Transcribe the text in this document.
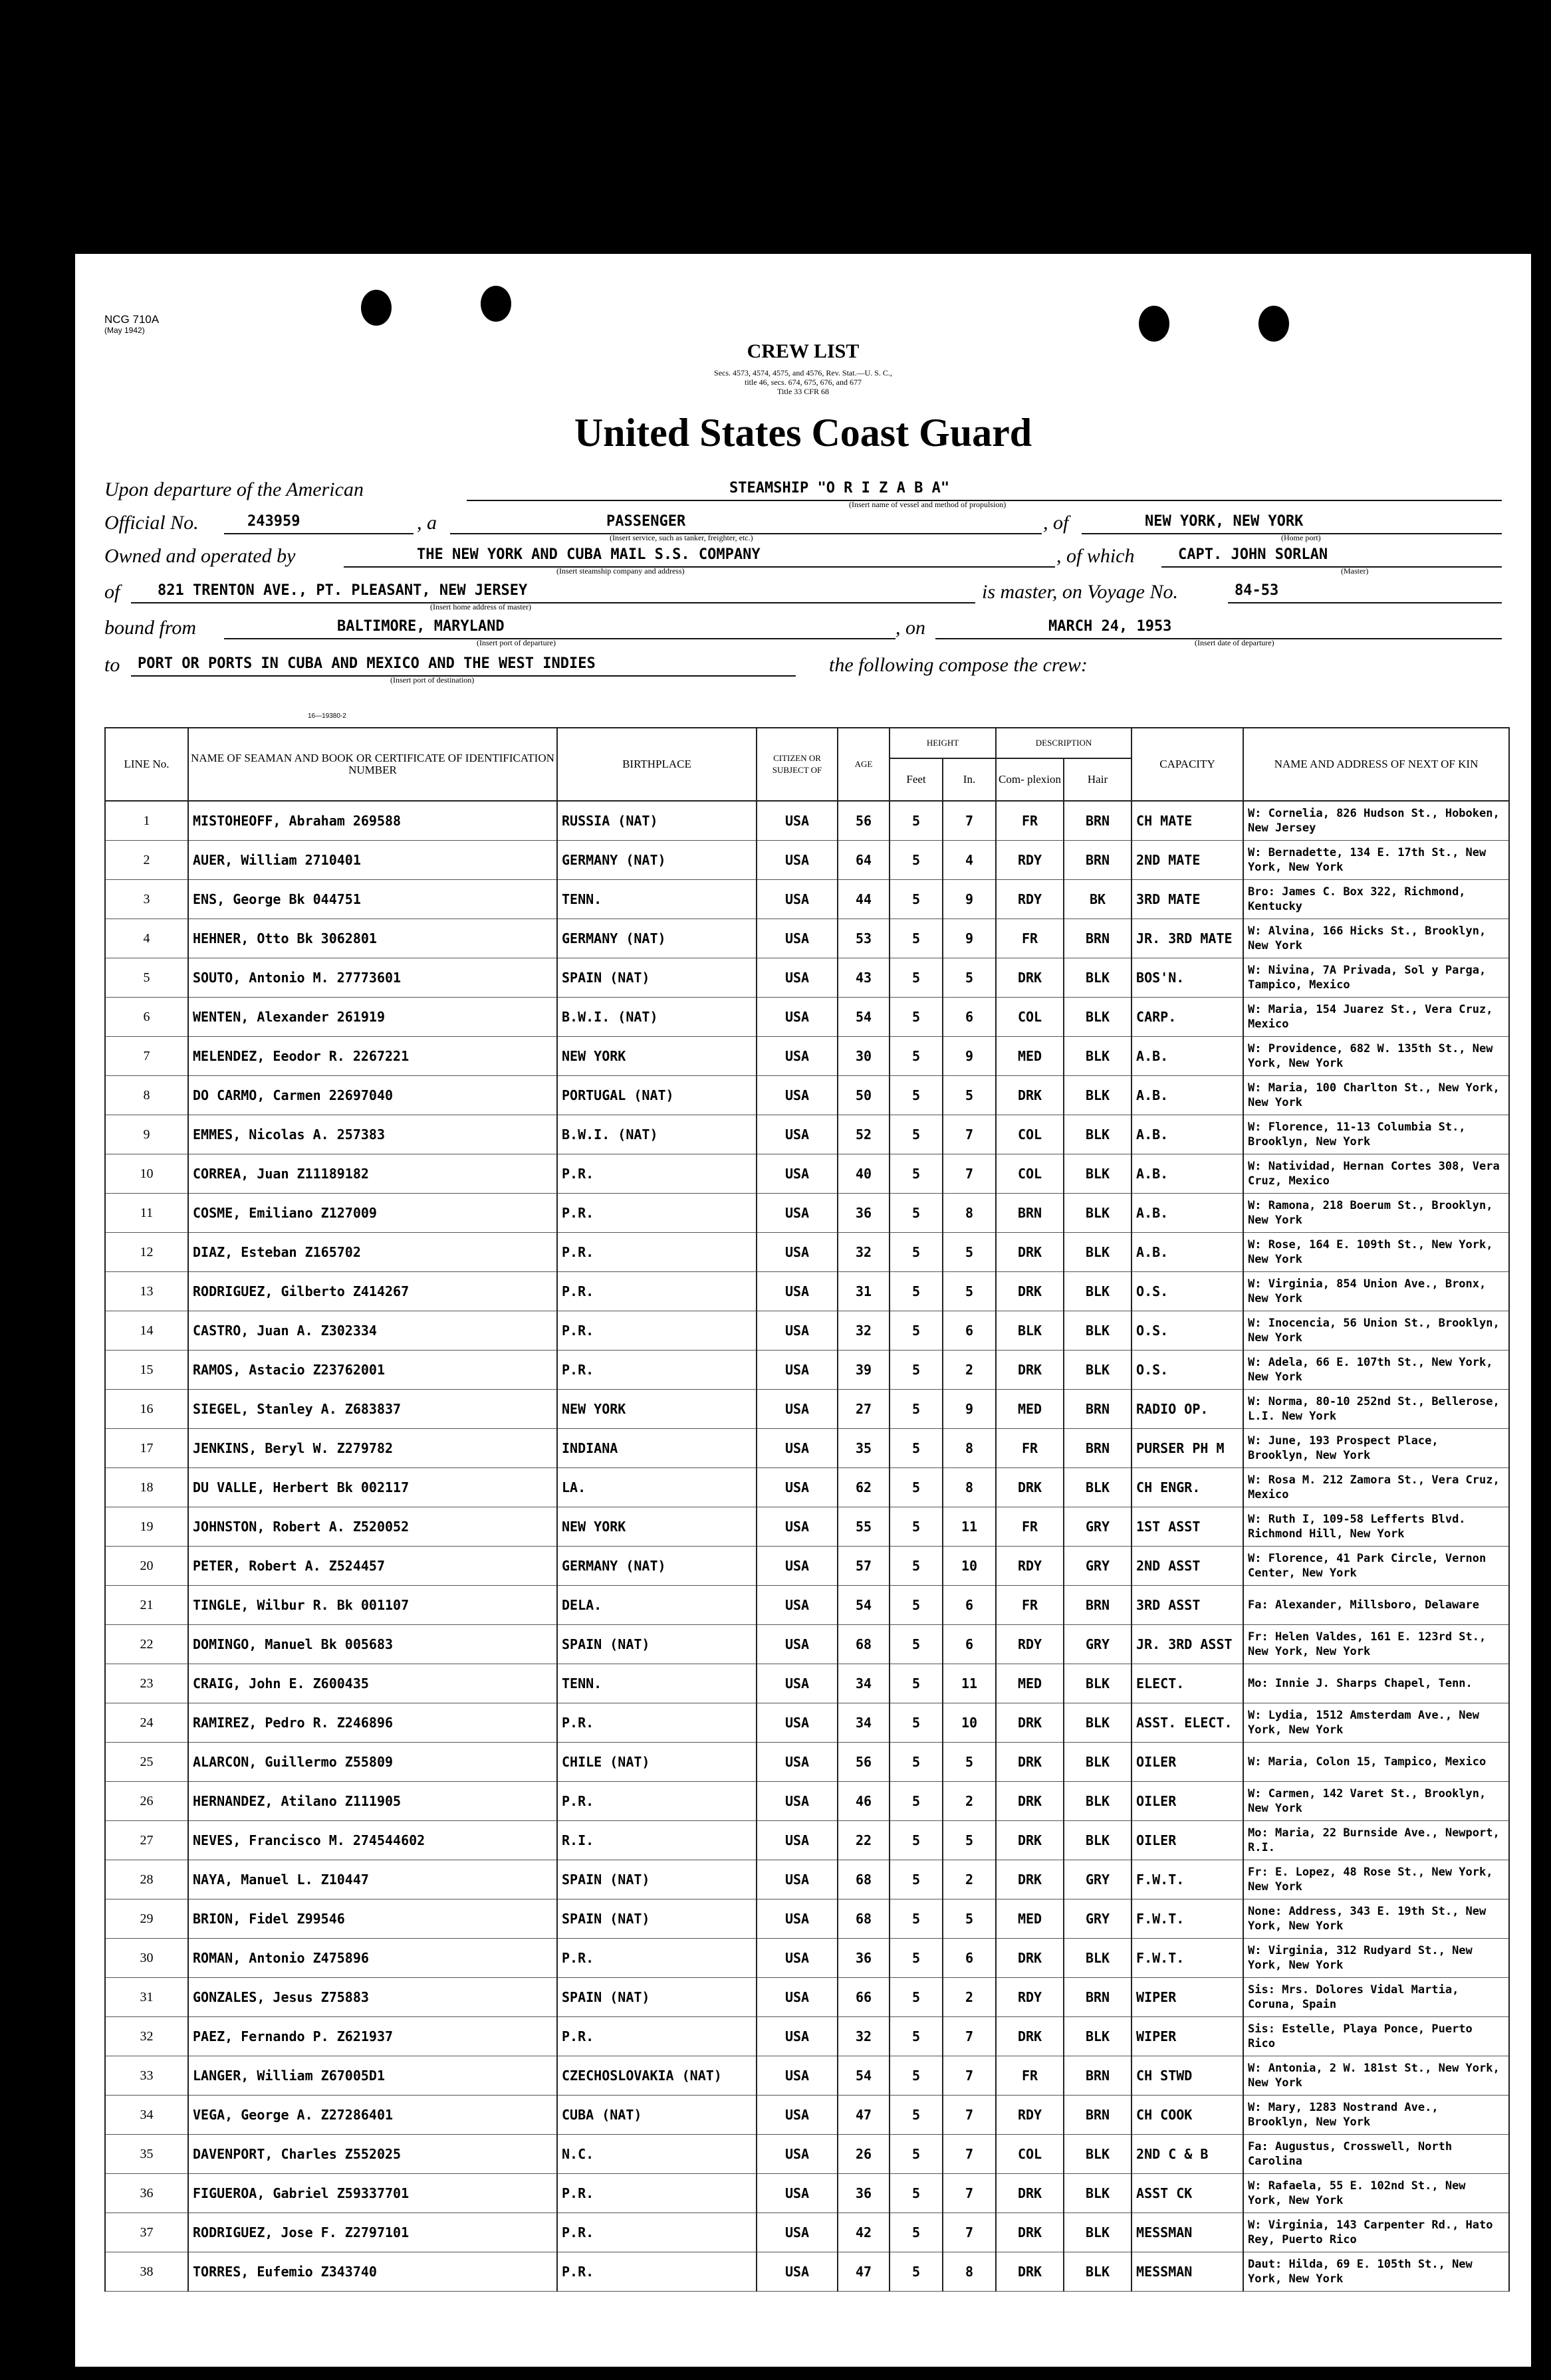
NCG 710A
(May 1942)
CREW LIST
Secs. 4573, 4574, 4575, and 4576, Rev. Stat.—U. S. C.,
title 46, secs. 674, 675, 676, and 677
Title 33 CFR 68
United States Coast Guard
Upon departure of the American	STEAMSHIP "O R I Z A B A"
(Insert name of vessel and method of propulsion)
Official No.	243959	, a	PASSENGER
(Insert service, such as tanker, freighter, etc.)
, of	NEW YORK, NEW YORK
(Home port)
Owned and operated by	THE NEW YORK AND CUBA MAIL S.S. COMPANY
(Insert steamship company and address)
, of which	CAPT. JOHN SORLAN
(Master)
of	821 TRENTON AVE., PT. PLEASANT, NEW JERSEY
(Insert home address of master)
is master, on Voyage No.	84-53
bound from	BALTIMORE, MARYLAND
(Insert port of departure)
, on	MARCH 24, 1953
(Insert date of departure)
to PORT OR PORTS IN CUBA AND MEXICO AND THE WEST INDIES
(Insert port of destination)
the following compose the crew:
16—19380-2
LINE No.	NAME OF SEAMAN AND BOOK OR CERTIFICATE OF IDENTIFICATION NUMBER	BIRTHPLACE	CITIZEN OR SUBJECT OF	AGE	HEIGHT		DESCRIPTION		CAPACITY	NAME AND ADDRESS OF NEXT OF KIN
					Feet	In.	Com- plexion	Hair		
1	MISTOHEOFF, Abraham 269588	RUSSIA (NAT)	USA	56	5	7	FR	BRN	CH MATE	W: Cornelia, 826 Hudson St., Hoboken, New Jersey
2	AUER, William 2710401	GERMANY (NAT)	USA	64	5	4	RDY	BRN	2ND MATE	W: Bernadette, 134 E. 17th St., New York, New York
3	ENS, George Bk 044751	TENN.	USA	44	5	9	RDY	BK	3RD MATE	Bro: James C. Box 322, Richmond, Kentucky
4	HEHNER, Otto Bk 3062801	GERMANY (NAT)	USA	53	5	9	FR	BRN	JR. 3RD MATE	W: Alvina, 166 Hicks St., Brooklyn, New York
5	SOUTO, Antonio M. 27773601	SPAIN (NAT)	USA	43	5	5	DRK	BLK	BOS'N.	W: Nivina, 7A Privada, Sol y Parga, Tampico, Mexico
6	WENTEN, Alexander 261919	B.W.I. (NAT)	USA	54	5	6	COL	BLK	CARP.	W: Maria, 154 Juarez St., Vera Cruz, Mexico
7	MELENDEZ, Eeodor R. 2267221	NEW YORK	USA	30	5	9	MED	BLK	A.B.	W: Providence, 682 W. 135th St., New York, New York
8	DO CARMO, Carmen 22697040	PORTUGAL (NAT)	USA	50	5	5	DRK	BLK	A.B.	W: Maria, 100 Charlton St., New York, New York
9	EMMES, Nicolas A. 257383	B.W.I. (NAT)	USA	52	5	7	COL	BLK	A.B.	W: Florence, 11-13 Columbia St., Brooklyn, New York
10	CORREA, Juan Z11189182	P.R.	USA	40	5	7	COL	BLK	A.B.	W: Natividad, Hernan Cortes 308, Vera Cruz, Mexico
11	COSME, Emiliano Z127009	P.R.	USA	36	5	8	BRN	BLK	A.B.	W: Ramona, 218 Boerum St., Brooklyn, New York
12	DIAZ, Esteban Z165702	P.R.	USA	32	5	5	DRK	BLK	A.B.	W: Rose, 164 E. 109th St., New York, New York
13	RODRIGUEZ, Gilberto Z414267	P.R.	USA	31	5	5	DRK	BLK	O.S.	W: Virginia, 854 Union Ave., Bronx, New York
14	CASTRO, Juan A. Z302334	P.R.	USA	32	5	6	BLK	BLK	O.S.	W: Inocencia, 56 Union St., Brooklyn, New York
15	RAMOS, Astacio Z23762001	P.R.	USA	39	5	2	DRK	BLK	O.S.	W: Adela, 66 E. 107th St., New York, New York
16	SIEGEL, Stanley A. Z683837	NEW YORK	USA	27	5	9	MED	BRN	RADIO OP.	W: Norma, 80-10 252nd St., Bellerose, L.I. New York
17	JENKINS, Beryl W. Z279782	INDIANA	USA	35	5	8	FR	BRN	PURSER PH M	W: June, 193 Prospect Place, Brooklyn, New York
18	DU VALLE, Herbert Bk 002117	LA.	USA	62	5	8	DRK	BLK	CH ENGR.	W: Rosa M. 212 Zamora St., Vera Cruz, Mexico
19	JOHNSTON, Robert A. Z520052	NEW YORK	USA	55	5	11	FR	GRY	1ST ASST	W: Ruth I, 109-58 Lefferts Blvd. Richmond Hill, New York
20	PETER, Robert A. Z524457	GERMANY (NAT)	USA	57	5	10	RDY	GRY	2ND ASST	W: Florence, 41 Park Circle, Vernon Center, New York
21	TINGLE, Wilbur R. Bk 001107	DELA.	USA	54	5	6	FR	BRN	3RD ASST	Fa: Alexander, Millsboro, Delaware
22	DOMINGO, Manuel Bk 005683	SPAIN (NAT)	USA	68	5	6	RDY	GRY	JR. 3RD ASST	Fr: Helen Valdes, 161 E. 123rd St., New York, New York
23	CRAIG, John E. Z600435	TENN.	USA	34	5	11	MED	BLK	ELECT.	Mo: Innie J. Sharps Chapel, Tenn.
24	RAMIREZ, Pedro R. Z246896	P.R.	USA	34	5	10	DRK	BLK	ASST. ELECT.	W: Lydia, 1512 Amsterdam Ave., New York, New York
25	ALARCON, Guillermo Z55809	CHILE (NAT)	USA	56	5	5	DRK	BLK	OILER	W: Maria, Colon 15, Tampico, Mexico
26	HERNANDEZ, Atilano Z111905	P.R.	USA	46	5	2	DRK	BLK	OILER	W: Carmen, 142 Varet St., Brooklyn, New York
27	NEVES, Francisco M. 274544602	R.I.	USA	22	5	5	DRK	BLK	OILER	Mo: Maria, 22 Burnside Ave., Newport, R.I.
28	NAYA, Manuel L. Z10447	SPAIN (NAT)	USA	68	5	2	DRK	GRY	F.W.T.	Fr: E. Lopez, 48 Rose St., New York, New York
29	BRION, Fidel Z99546	SPAIN (NAT)	USA	68	5	5	MED	GRY	F.W.T.	None: Address, 343 E. 19th St., New York, New York
30	ROMAN, Antonio Z475896	P.R.	USA	36	5	6	DRK	BLK	F.W.T.	W: Virginia, 312 Rudyard St., New York, New York
31	GONZALES, Jesus Z75883	SPAIN (NAT)	USA	66	5	2	RDY	BRN	WIPER	Sis: Mrs. Dolores Vidal Martia, Coruna, Spain
32	PAEZ, Fernando P. Z621937	P.R.	USA	32	5	7	DRK	BLK	WIPER	Sis: Estelle, Playa Ponce, Puerto Rico
33	LANGER, William Z67005D1	CZECHOSLOVAKIA (NAT)	USA	54	5	7	FR	BRN	CH STWD	W: Antonia, 2 W. 181st St., New York, New York
34	VEGA, George A. Z27286401	CUBA (NAT)	USA	47	5	7	RDY	BRN	CH COOK	W: Mary, 1283 Nostrand Ave., Brooklyn, New York
35	DAVENPORT, Charles Z552025	N.C.	USA	26	5	7	COL	BLK	2ND C & B	Fa: Augustus, Crosswell, North Carolina
36	FIGUEROA, Gabriel Z59337701	P.R.	USA	36	5	7	DRK	BLK	ASST CK	W: Rafaela, 55 E. 102nd St., New York, New York
37	RODRIGUEZ, Jose F. Z2797101	P.R.	USA	42	5	7	DRK	BLK	MESSMAN	W: Virginia, 143 Carpenter Rd., Hato Rey, Puerto Rico
38	TORRES, Eufemio Z343740	P.R.	USA	47	5	8	DRK	BLK	MESSMAN	Daut: Hilda, 69 E. 105th St., New York, New York
